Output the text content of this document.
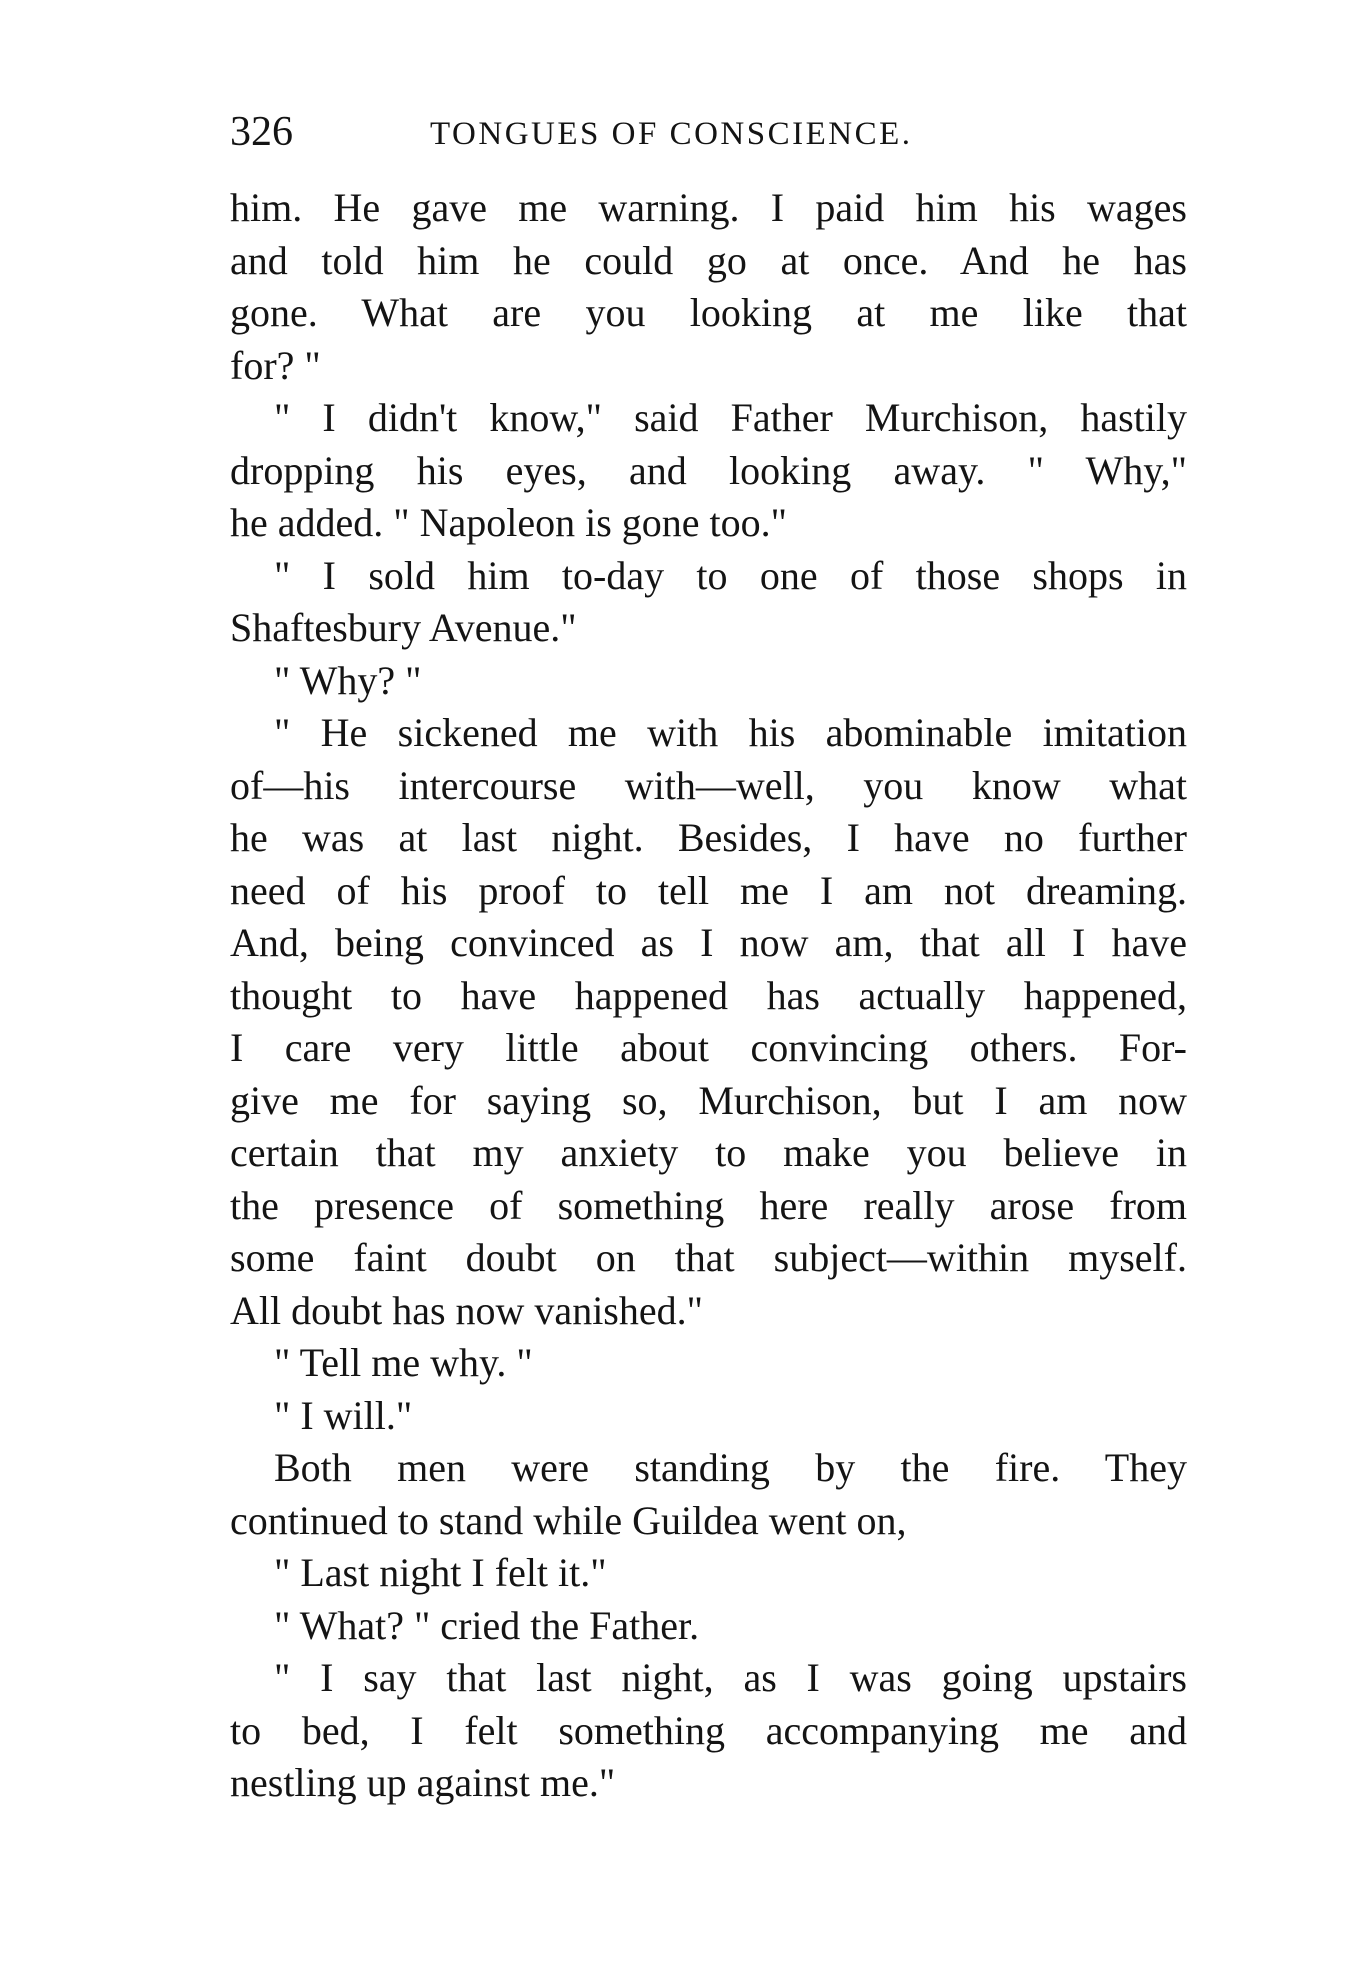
326	TONGUES OF CONSCIENCE.
him. He gave me warning. I paid him his wages
and told him he could go at once. And he has
gone. What are you looking at me like that
for? "
" I didn't know," said Father Murchison, hastily
dropping his eyes, and looking away. " Why,"
he added. " Napoleon is gone too."
" I sold him to-day to one of those shops in
Shaftesbury Avenue."
" Why? "
" He sickened me with his abominable imitation
of—his intercourse with—well, you know what
he was at last night. Besides, I have no further
need of his proof to tell me I am not dreaming.
And, being convinced as I now am, that all I have
thought to have happened has actually happened,
I care very little about convincing others. For-
give me for saying so, Murchison, but I am now
certain that my anxiety to make you believe in
the presence of something here really arose from
some faint doubt on that subject—within myself.
All doubt has now vanished."
" Tell me why. "
" I will."
Both men were standing by the fire. They
continued to stand while Guildea went on,
" Last night I felt it."
" What? " cried the Father.
" I say that last night, as I was going upstairs
to bed, I felt something accompanying me and
nestling up against me."
